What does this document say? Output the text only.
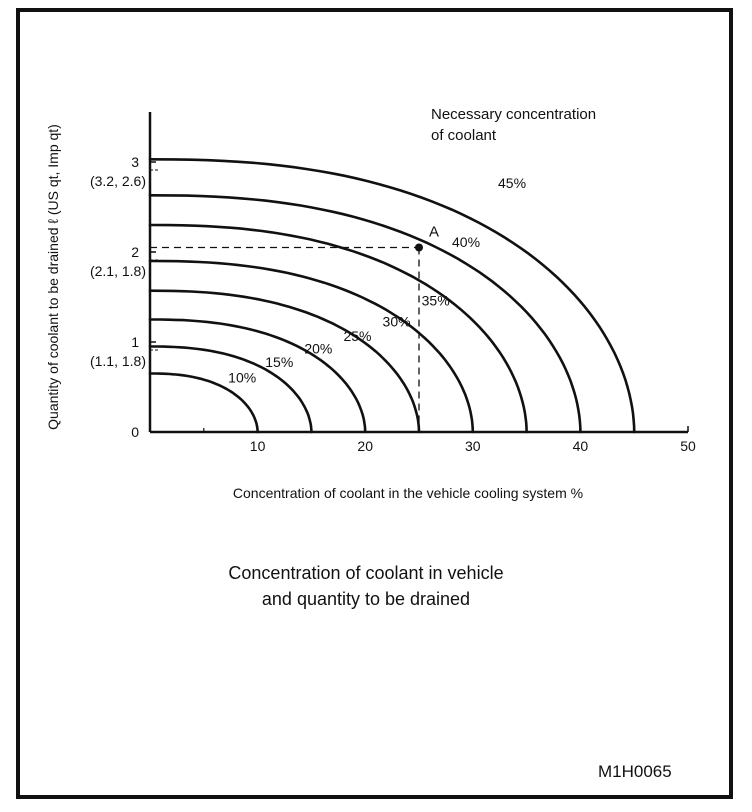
10	20	30	40	50
0
1
(1.1, 1.8)
2
(2.1, 1.8)
3
(3.2, 2.6)
10%
15%
20%
25%
30%
35%
40%
45%
A
Necessary concentration
of coolant
Concentration of coolant in the vehicle cooling system %
Quantity of coolant to be drained ℓ (US qt, Imp qt)
Concentration of coolant in vehicle
and quantity to be drained
M1H0065
